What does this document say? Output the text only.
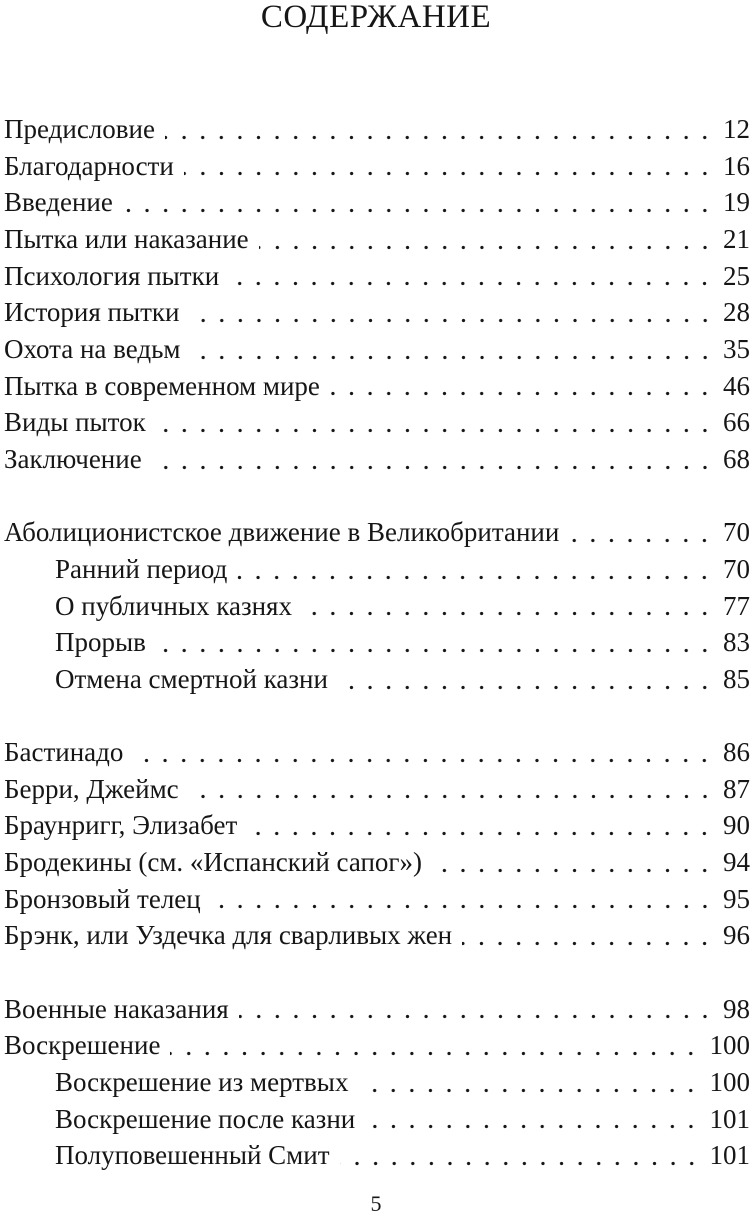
СОДЕРЖАНИЕ
Предисловие	12
Благодарности	16
Введение	19
Пытка или наказание	21
Психология пытки	25
История пытки	28
Охота на ведьм	35
Пытка в современном мире	46
Виды пыток	66
Заключение	68
Аболиционистское движение в Великобритании	70
Ранний период	70
О публичных казнях	77
Прорыв	83
Отмена смертной казни	85
Бастинадо	86
Берри, Джеймс	87
Браунригг, Элизабет	90
Бродекины (см. «Испанский сапог»)	94
Бронзовый телец	95
Брэнк, или Уздечка для сварливых жен	96
Военные наказания	98
Воскрешение	100
Воскрешение из мертвых	100
Воскрешение после казни	101
Полуповешенный Смит	101
5
